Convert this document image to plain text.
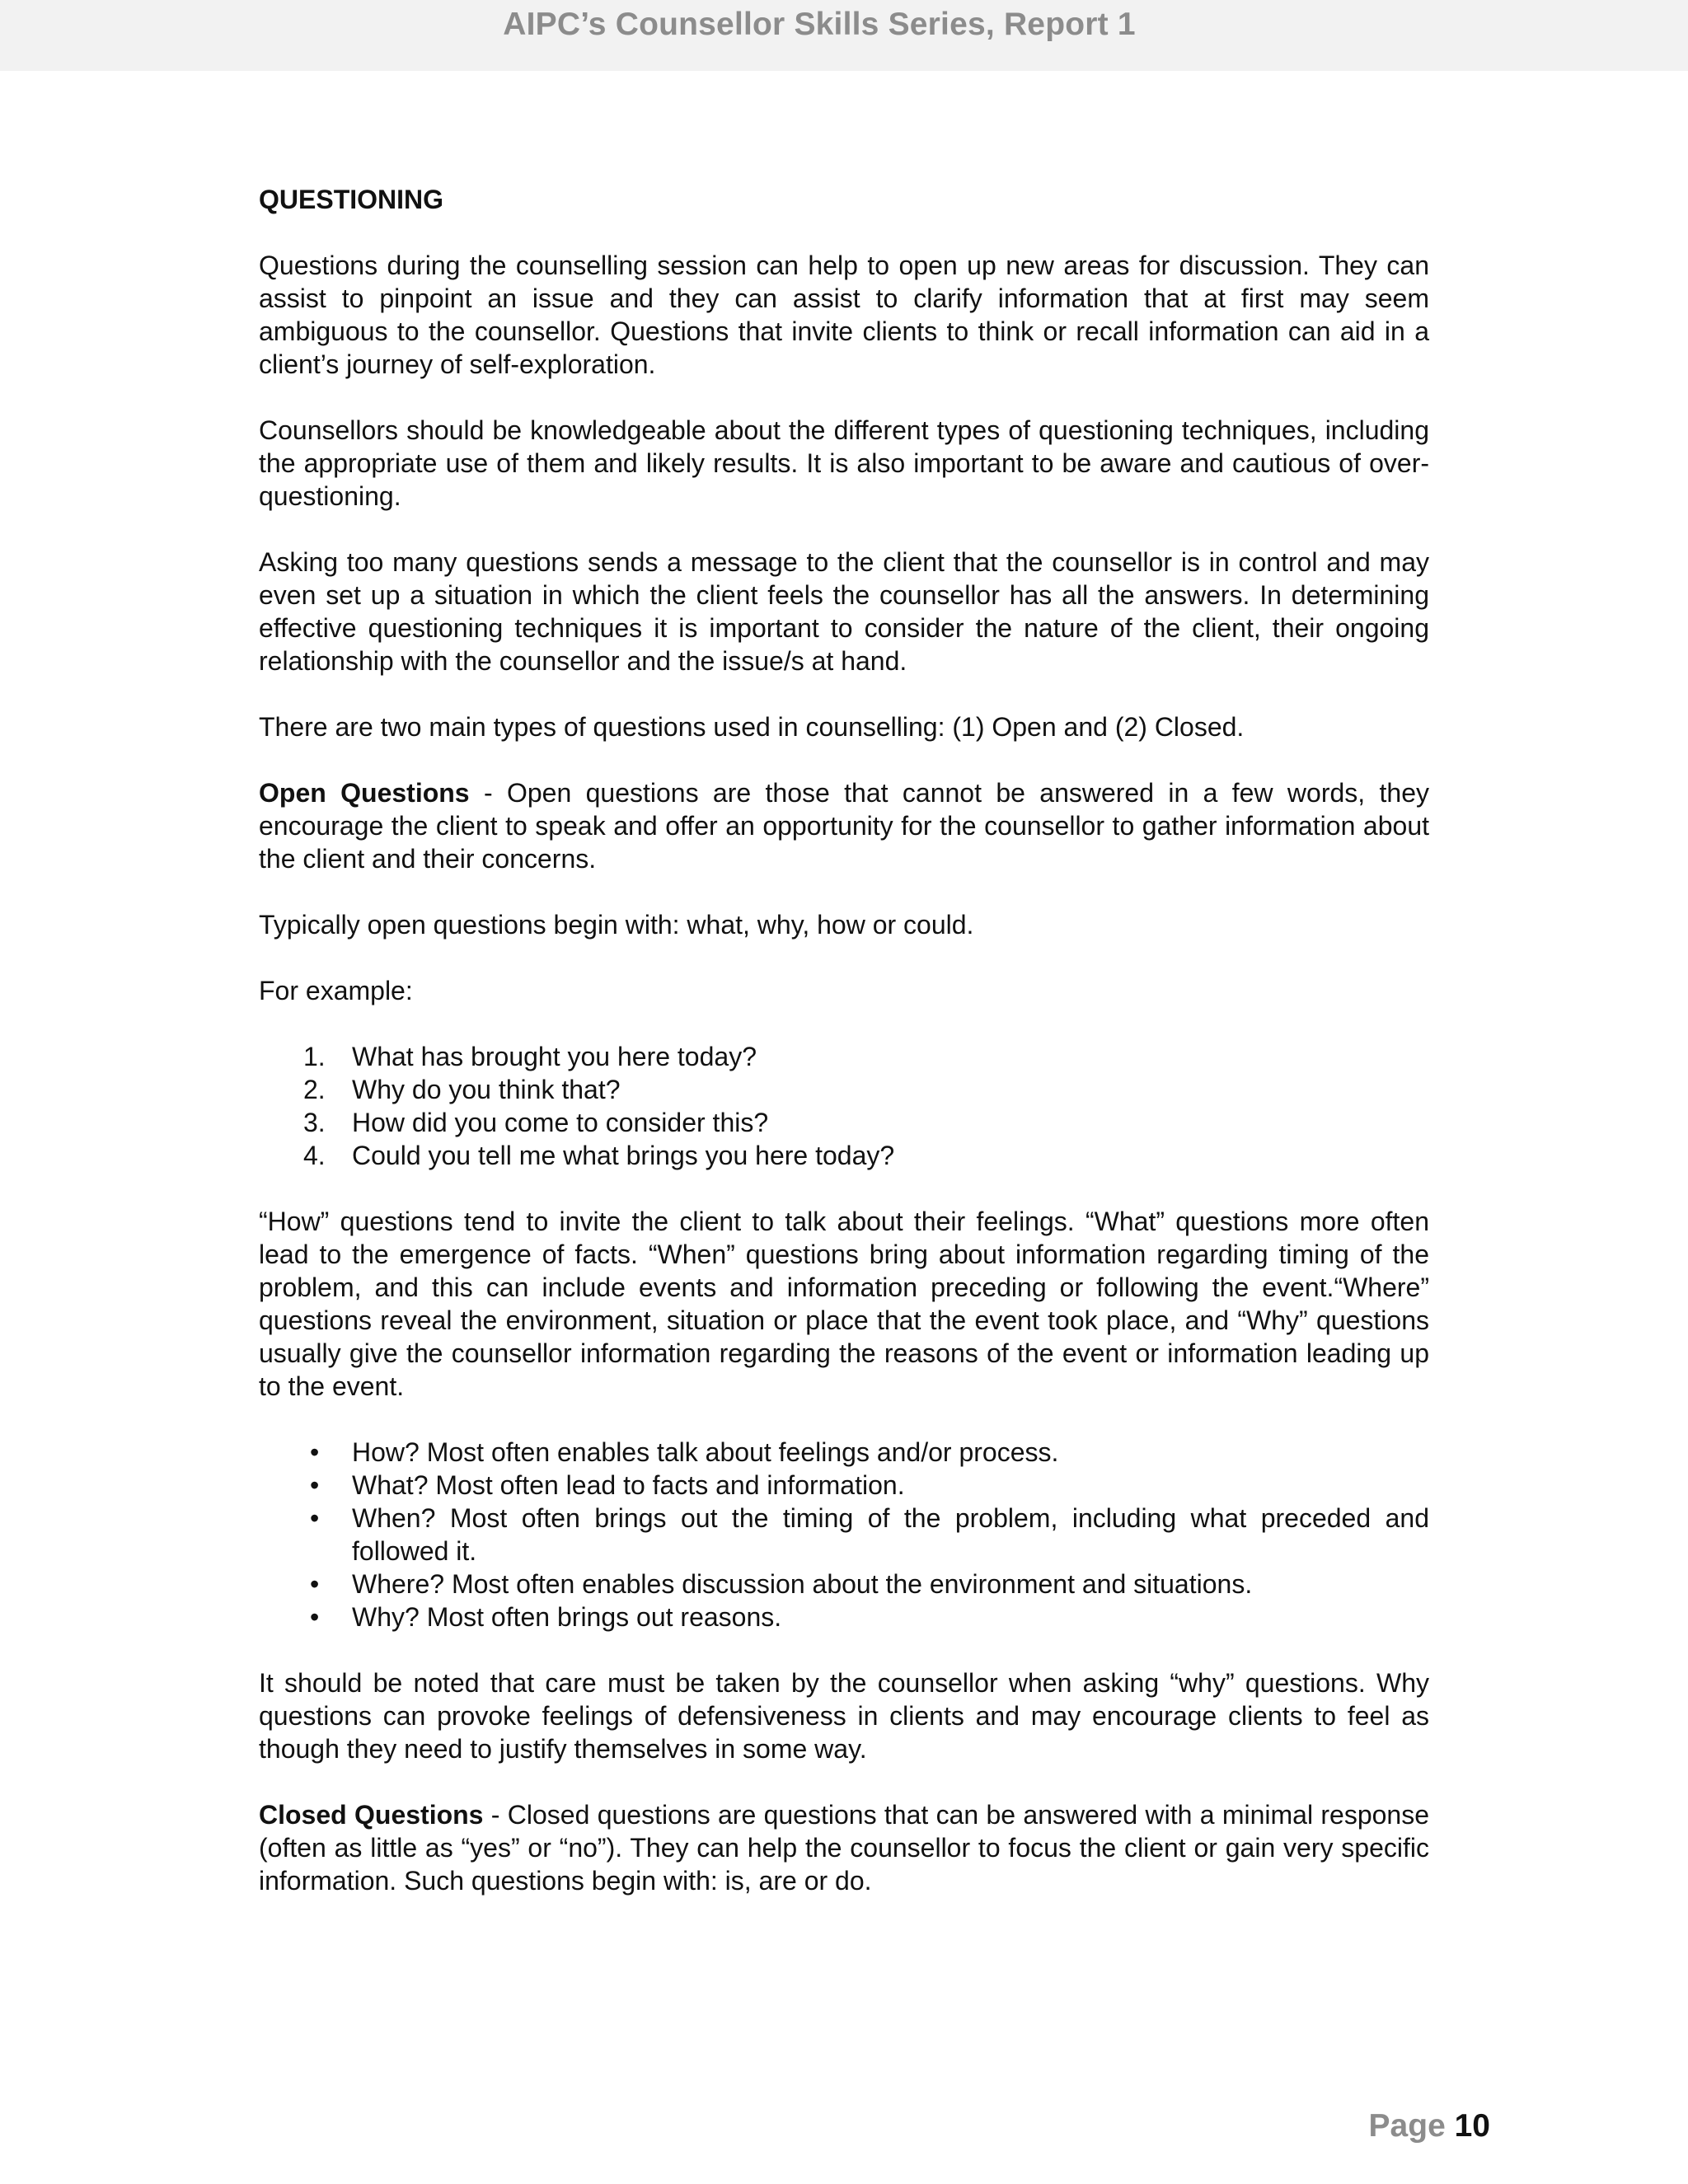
AIPC’s Counsellor Skills Series, Report 1
QUESTIONING
Questions during the counselling session can help to open up new areas for discussion. They can assist to pinpoint an issue and they can assist to clarify information that at first may seem ambiguous to the counsellor. Questions that invite clients to think or recall information can aid in a client’s journey of self-exploration.
Counsellors should be knowledgeable about the different types of questioning techniques, including the appropriate use of them and likely results. It is also important to be aware and cautious of over-questioning.
Asking too many questions sends a message to the client that the counsellor is in control and may even set up a situation in which the client feels the counsellor has all the answers. In determining effective questioning techniques it is important to consider the nature of the client, their ongoing relationship with the counsellor and the issue/s at hand.
There are two main types of questions used in counselling: (1) Open and (2) Closed.
Open Questions - Open questions are those that cannot be answered in a few words, they encourage the client to speak and offer an opportunity for the counsellor to gather information about the client and their concerns.
Typically open questions begin with: what, why, how or could.
For example:
1. What has brought you here today?
2. Why do you think that?
3. How did you come to consider this?
4. Could you tell me what brings you here today?
“How” questions tend to invite the client to talk about their feelings. “What” questions more often lead to the emergence of facts. “When” questions bring about information regarding timing of the problem, and this can include events and information preceding or following the event.“Where” questions reveal the environment, situation or place that the event took place, and “Why” questions usually give the counsellor information regarding the reasons of the event or information leading up to the event.
• How? Most often enables talk about feelings and/or process.
• What? Most often lead to facts and information.
• When? Most often brings out the timing of the problem, including what preceded and followed it.
• Where? Most often enables discussion about the environment and situations.
• Why? Most often brings out reasons.
It should be noted that care must be taken by the counsellor when asking “why” questions. Why questions can provoke feelings of defensiveness in clients and may encourage clients to feel as though they need to justify themselves in some way.
Closed Questions - Closed questions are questions that can be answered with a minimal response (often as little as “yes” or “no”). They can help the counsellor to focus the client or gain very specific information. Such questions begin with: is, are or do.
Page 10
